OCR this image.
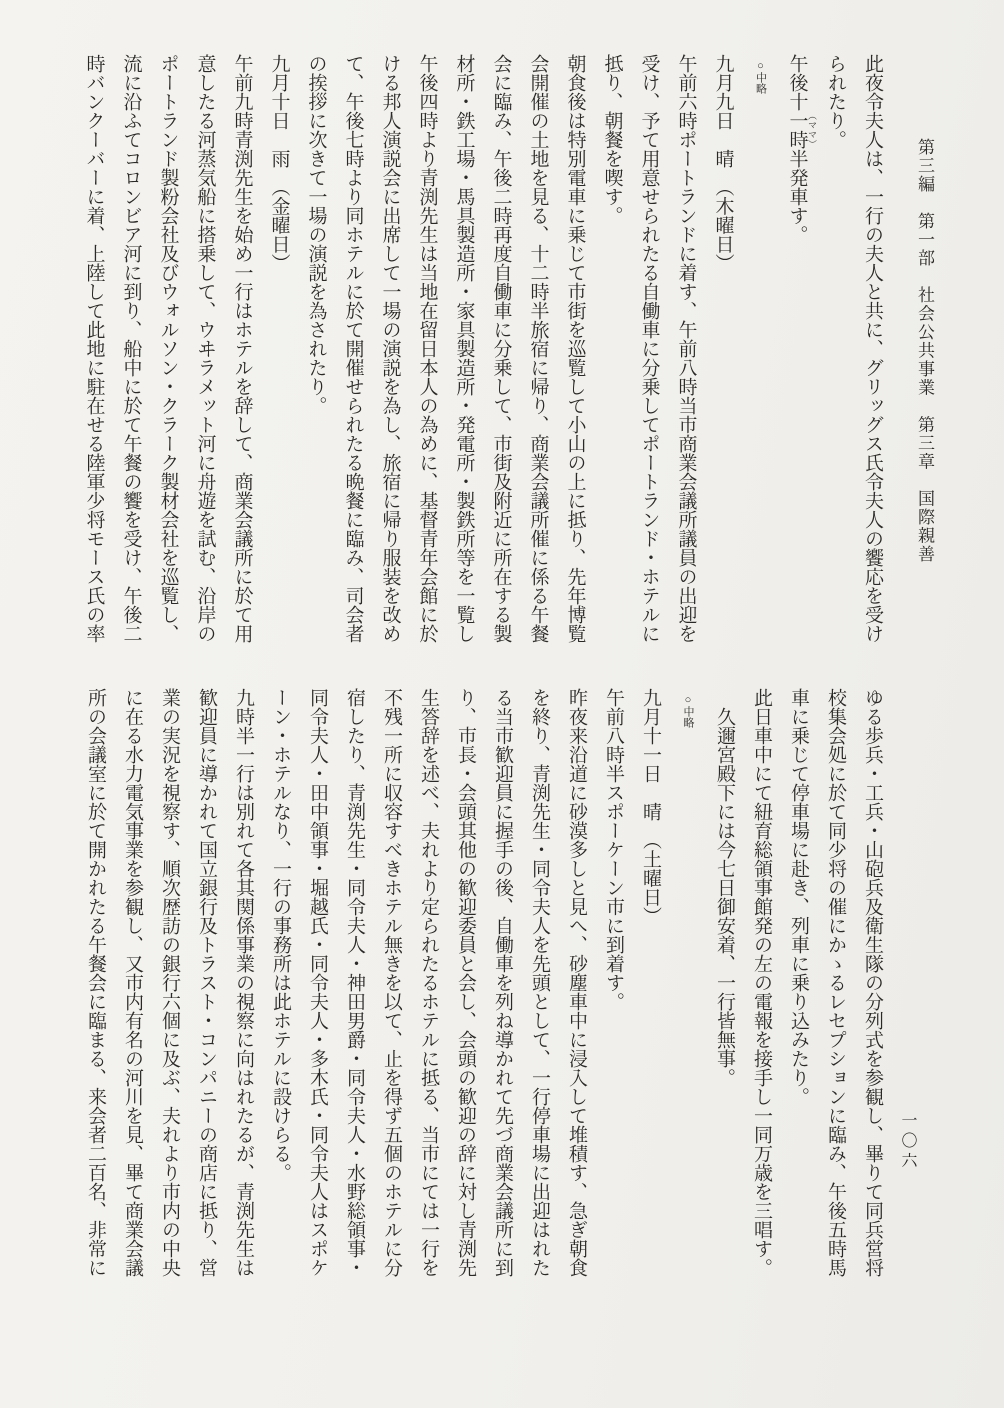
第三編　第一部　社会公共事業　第三章　国際親善
一〇六

此夜令夫人は、一行の夫人と共に、グリッグス氏令夫人の饗応を受けられたり。

午後十一時 （ママ）半発車す。

○中略

九月九日　晴　（木曜日）

午前六時ポートランドに着す、午前八時当市商業会議所議員の出迎を受け、予て用意せられたる自働車に分乗してポートランド・ホテルに抵り、朝餐を喫す。

朝食後は特別電車に乗じて市街を巡覧して小山の上に抵り、先年博覧会開催の土地を見る、十二時半旅宿に帰り、商業会議所催に係る午餐会に臨み、午後二時再度自働車に分乗して、市街及附近に所在する製材所・鉄工場・馬具製造所・家具製造所・発電所・製鉄所等を一覧し午後四時より青渕先生は当地在留日本人の為めに、基督青年会館に於ける邦人演説会に出席して一場の演説を為し、旅宿に帰り服装を改めて、午後七時より同ホテルに於て開催せられたる晩餐に臨み、司会者の挨拶に次きて一場の演説を為されたり。

九月十日　雨　（金曜日）

午前九時青渕先生を始め一行はホテルを辞して、商業会議所に於て用意したる河蒸気船に搭乗して、ウヰラメット河に舟遊を試む、沿岸のポートランド製粉会社及びウォルソン・クラーク製材会社を巡覧し、流に沿ふてコロンビア河に到り、船中に於て午餐の饗を受け、午後二時バンクーバーに着、上陸して此地に駐在せる陸軍少将モース氏の率

ゆる歩兵・工兵・山砲兵及衛生隊の分列式を参観し、畢りて同兵営将校集会処に於て同少将の催にかゝるレセプションに臨み、午後五時馬車に乗じて停車場に赴き、列車に乗り込みたり。

此日車中にて紐育総領事館発の左の電報を接手し一同万歳を三唱す。

久邇宮殿下には今七日御安着、一行皆無事。

○中略

九月十一日　晴　（土曜日）

午前八時半スポーケーン市に到着す。

昨夜来沿道に砂漠多しと見へ、砂塵車中に浸入して堆積す、急ぎ朝食を終り、青渕先生・同令夫人を先頭として、一行停車場に出迎はれたる当市歓迎員に握手の後、自働車を列ね導かれて先づ商業会議所に到り、市長・会頭其他の歓迎委員と会し、会頭の歓迎の辞に対し青渕先生答辞を述べ、夫れより定られたるホテルに抵る、当市にては一行を不残一所に収容すべきホテル無きを以て、止を得ず五個のホテルに分宿したり、青渕先生・同令夫人・神田男爵・同令夫人・水野総領事・同令夫人・田中領事・堀越氏・同令夫人・多木氏・同令夫人はスポケーン・ホテルなり、一行の事務所は此ホテルに設けらる。

九時半一行は別れて各其関係事業の視察に向はれたるが、青渕先生は歓迎員に導かれて国立銀行及トラスト・コンパニーの商店に抵り、営業の実況を視察す、順次歴訪の銀行六個に及ぶ、夫れより市内の中央に在る水力電気事業を参観し、又市内有名の河川を見、畢て商業会議所の会議室に於て開かれたる午餐会に臨まる、来会者二百名、非常に
